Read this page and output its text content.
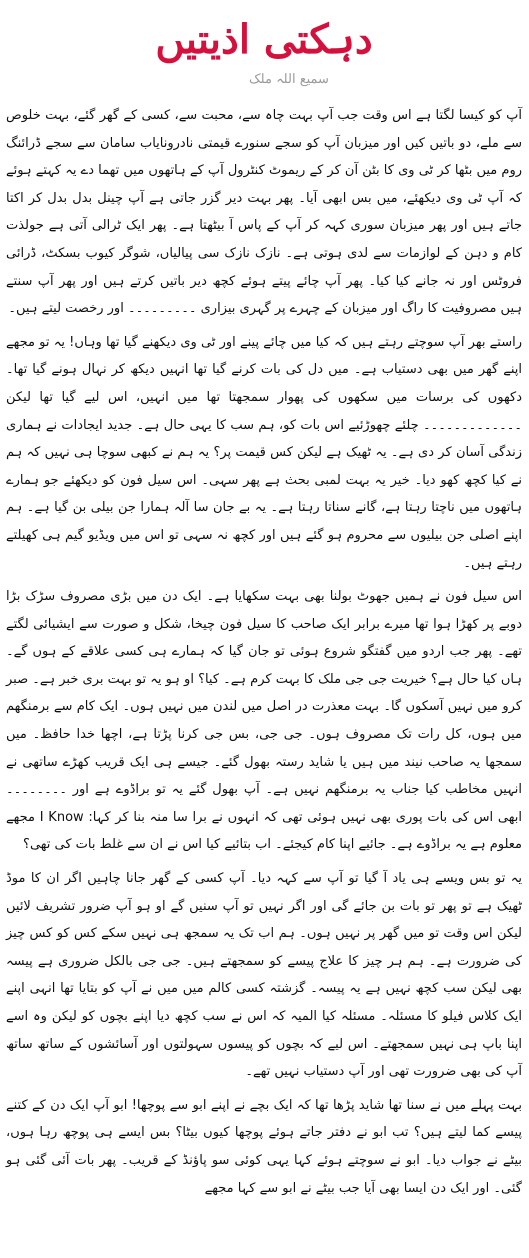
دہکتی اذیتیں
سمیع اللہ ملک

آپ کو کیسا لگتا ہے اس وقت جب آپ بہت چاہ سے، محبت سے، کسی کے گھر گئے، بہت خلوص سے ملے، دو باتیں کیں اور میزبان آپ کو سجے سنورے قیمتی نادرونایاب سامان سے سجے ڈرائنگ روم میں بٹھا کر ٹی وی کا بٹن آن کر کے ریموٹ کنٹرول آپ کے ہاتھوں میں تھما دے یہ کہتے ہوئے کہ آپ ٹی وی دیکھئے، میں بس ابھی آیا۔ پھر بہت دیر گزر جاتی ہے آپ چینل بدل بدل کر اکتا جاتے ہیں اور پھر میزبان سوری کہہ کر آپ کے پاس آ بیٹھتا ہے۔ پھر ایک ٹرالی آتی ہے جولذت کام و دہن کے لوازمات سے لدی ہوتی ہے۔ نازک نازک سی پیالیاں، شوگر کیوب بسکٹ، ڈرائی فروٹس اور نہ جانے کیا کیا۔ پھر آپ چائے پیتے ہوئے کچھ دیر باتیں کرتے ہیں اور پھر آپ سنتے ہیں مصروفیت کا راگ اور میزبان کے چہرے پر گہری بیزاری ۔۔۔۔۔۔۔۔۔ اور رخصت لیتے ہیں۔

راستے بھر آپ سوچتے رہتے ہیں کہ کیا میں چائے پینے اور ٹی وی دیکھنے گیا تھا وہاں! یہ تو مجھے اپنے گھر میں بھی دستیاب ہے۔ میں دل کی بات کرنے گیا تھا انہیں دیکھ کر نہال ہونے گیا تھا۔ دکھوں کی برسات میں سکھوں کی پھوار سمجھتا تھا میں انہیں، اس لیے گیا تھا لیکن ۔۔۔۔۔۔۔۔۔۔۔۔۔ چلئے چھوڑئیے اس بات کو، ہم سب کا یہی حال ہے۔ جدید ایجادات نے ہماری زندگی آسان کر دی ہے۔ یہ ٹھیک ہے لیکن کس قیمت پر؟ یہ ہم نے کبھی سوچا ہی نہیں کہ ہم نے کیا کچھ کھو دیا۔ خیر یہ بہت لمبی بحث ہے پھر سہی۔ اس سیل فون کو دیکھئے جو ہمارے ہاتھوں میں ناچتا رہتا ہے، گانے سناتا رہتا ہے۔ یہ بے جان سا آلہ ہمارا جن بیلی بن گیا ہے۔ ہم اپنے اصلی جن بیلیوں سے محروم ہو گئے ہیں اور کچھ نہ سہی تو اس میں ویڈیو گیم ہی کھیلتے رہتے ہیں۔

اس سیل فون نے ہمیں جھوٹ بولنا بھی بہت سکھایا ہے۔ ایک دن میں بڑی مصروف سڑک بڑا دوبے پر کھڑا ہوا تھا میرے برابر ایک صاحب کا سیل فون چیخا، شکل و صورت سے ایشیائی لگتے تھے۔ پھر جب اردو میں گفتگو شروع ہوئی تو جان گیا کہ ہمارے ہی کسی علاقے کے ہوں گے۔ ہاں کیا حال ہے؟ خیریت جی جی ملک کا بہت کرم ہے۔ کیا؟ او ہو یہ تو بہت بری خبر ہے۔ صبر کرو میں نہیں آسکوں گا۔ بہت معذرت در اصل میں لندن میں نہیں ہوں۔ ایک کام سے برمنگھم میں ہوں، کل رات تک مصروف ہوں۔ جی جی، بس جی کرنا پڑتا ہے، اچھا خدا حافظ۔ میں سمجھا یہ صاحب نیند میں ہیں یا شاید رستہ بھول گئے۔ جیسے ہی ایک قریب کھڑے ساتھی نے انہیں مخاطب کیا جناب یہ برمنگھم نہیں ہے۔ آپ بھول گئے یہ تو براڈوے ہے اور ۔۔۔۔۔۔۔۔ ابھی اس کی بات پوری بھی نہیں ہوئی تھی کہ انہوں نے برا سا منہ بنا کر کہا: I Know مجھے معلوم ہے یہ براڈوے ہے۔ جائیے اپنا کام کیجئے۔ اب بتائیے کیا اس نے ان سے غلط بات کی تھی؟

یہ تو بس ویسے ہی یاد آ گیا تو آپ سے کہہ دیا۔ آپ کسی کے گھر جانا چاہیں اگر ان کا موڈ ٹھیک ہے تو پھر تو بات بن جائے گی اور اگر نہیں تو آپ سنیں گے او ہو آپ ضرور تشریف لائیں لیکن اس وقت تو میں گھر پر نہیں ہوں۔ ہم اب تک یہ سمجھ ہی نہیں سکے کس کو کس چیز کی ضرورت ہے۔ ہم ہر چیز کا علاج پیسے کو سمجھتے ہیں۔ جی جی بالکل ضروری ہے پیسہ بھی لیکن سب کچھ نہیں ہے یہ پیسہ۔ گزشتہ کسی کالم میں میں نے آپ کو بتایا تھا انہی اپنے ایک کلاس فیلو کا مسئلہ۔ مسئلہ کیا المیہ کہ اس نے سب کچھ دیا اپنے بچوں کو لیکن وہ اسے اپنا باپ ہی نہیں سمجھتے۔ اس لیے کہ بچوں کو پیسوں سہولتوں اور آسائشوں کے ساتھ ساتھ آپ کی بھی ضرورت تھی اور آپ دستیاب نہیں تھے۔

بہت پہلے میں نے سنا تھا شاید پڑھا تھا کہ ایک بچے نے اپنے ابو سے پوچھا! ابو آپ ایک دن کے کتنے پیسے کما لیتے ہیں؟ تب ابو نے دفتر جاتے ہوئے پوچھا کیوں بیٹا؟ بس ایسے ہی پوچھ رہا ہوں، بیٹے نے جواب دیا۔ ابو نے سوچتے ہوئے کہا یہی کوئی سو پاؤنڈ کے قریب۔ پھر بات آئی گئی ہو گئی۔ اور ایک دن ایسا بھی آیا جب بیٹے نے ابو سے کہا مجھے
